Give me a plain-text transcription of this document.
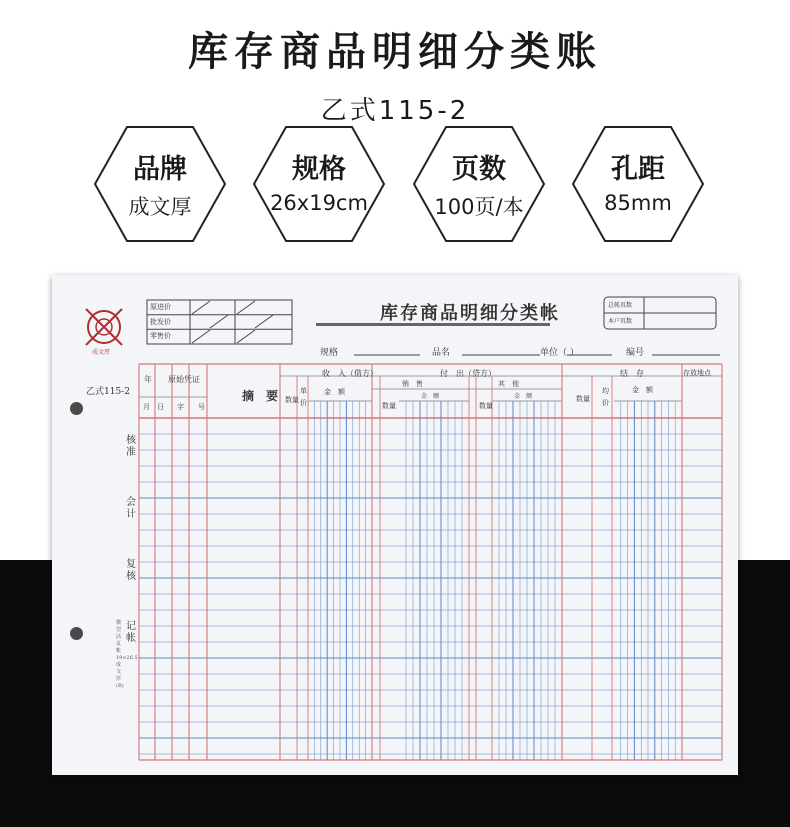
库存商品明细分类账
乙式115-2
品牌
成文厚
规格
26x19cm
页数
100页/本
孔距
85mm
库存商品明细分类帐
成文厚
原进价
批发价
零售价
总帐页数
本户页数
规格	品名	单位（ ）	编号
乙式115-2
核准
会计
复核
记帐
横型活页帐 19×26.5 成文厚(R)
年 原始凭证
月 日 字 号
摘　要
收　入（借方）
数量
单价
金　额
付　出（贷方）
销　售	其　他
数量	数量
金　额	金　额
结　存
数量
均价
金　额
存放地点
